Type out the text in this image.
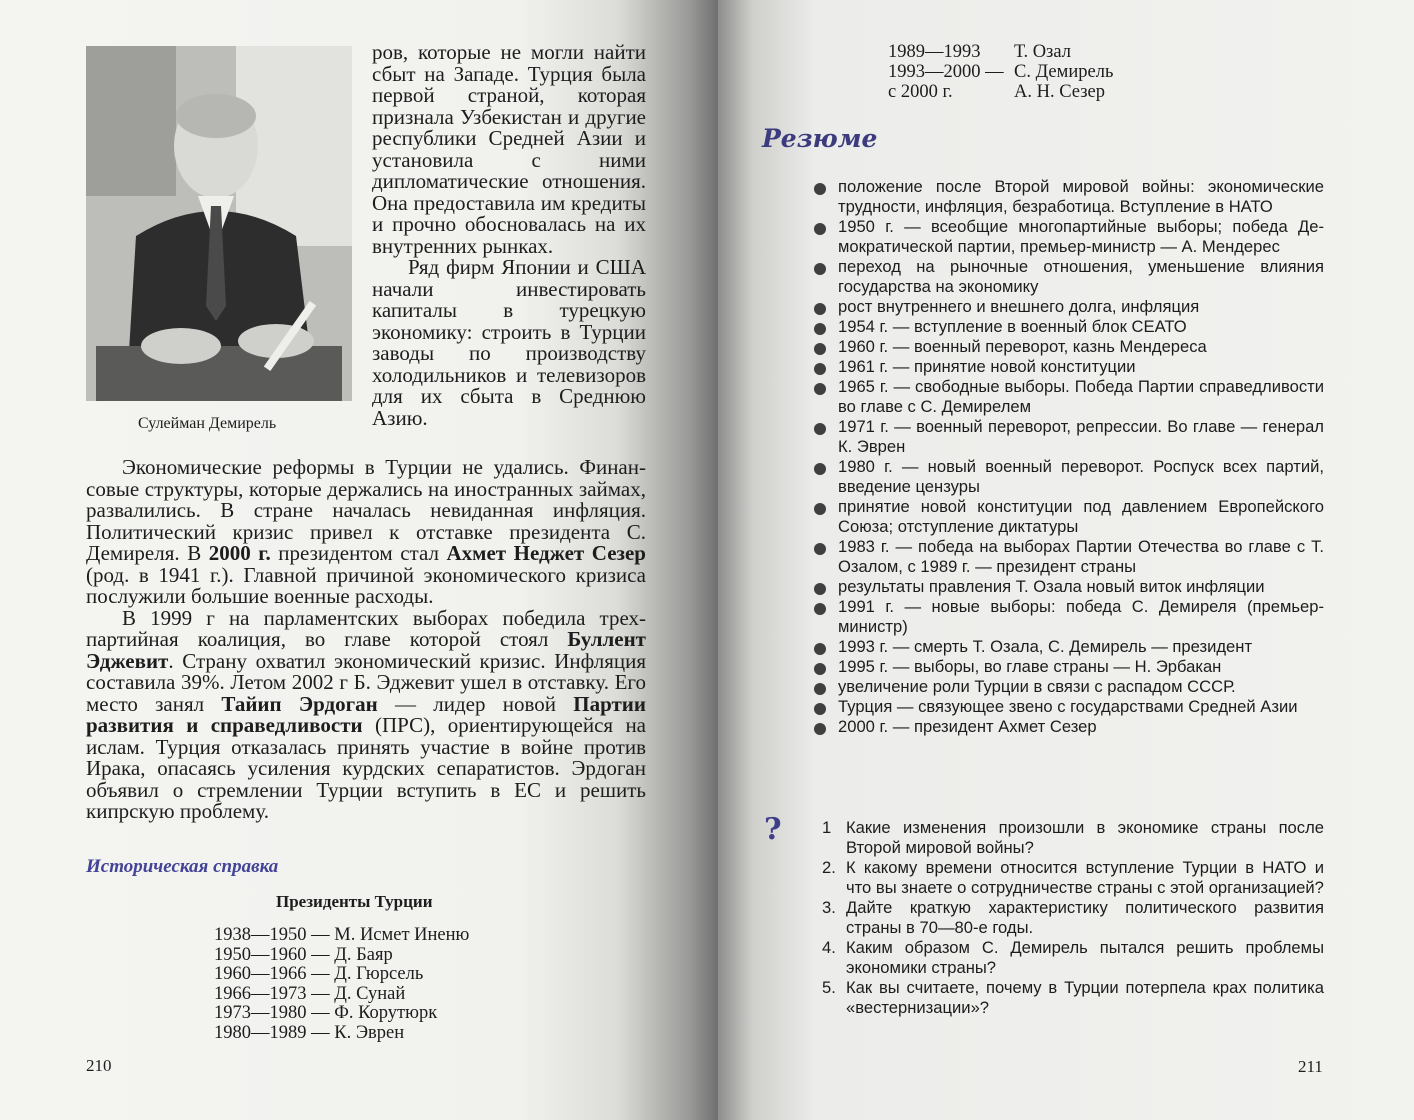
Сулейман Демирель

ров, которые не могли найти сбыт на Западе. Турция была первой страной, которая признала Узбекистан и другие республики Средней Азии и установила с ними дипломатические отношения. Она предоставила им кредиты и прочно обосновалась на их внутренних рынках.

Ряд фирм Японии и США начали инвестировать капиталы в турецкую экономику: строить в Турции заводы по производству холодильников и телевизоров для их сбыта в Среднюю Азию.

Экономические реформы в Турции не удались. Финансовые структуры, которые держались на иностранных займах, развалились. В стране началась невиданная инфляция. Политический кризис привел к отставке президента С. Демиреля. В 2000 г. президентом стал Ахмет Неджет Сезер (род. в 1941 г.). Главной причиной экономического кризиса послужили большие военные расходы.

В 1999 г на парламентских выборах победила трехпартийная коалиция, во главе которой стоял Буллент Эджевит. Страну охватил экономический кризис. Инфляция составила 39%. Летом 2002 г Б. Эджевит ушел в отставку. Его место занял Тайип Эрдоган — лидер новой Партии развития и справедливости (ПРС), ориентирующейся на ислам. Турция отказалась принять участие в войне против Ирака, опасаясь усиления курдских сепаратистов. Эрдоган объявил о стремлении Турции вступить в ЕС и решить кипрскую проблему.

Историческая справка
Президенты Турции
1938—1950 — М. Исмет Иненю
1950—1960 — Д. Баяр
1960—1966 — Д. Гюрсель
1966—1973 — Д. Сунай
1973—1980 — Ф. Корутюрк
1980—1989 — К. Эврен
210
1989—1993	Т. Озал
1993—2000 — С. Демирель
с 2000 г.	А. Н. Сезер
Резюме
положение после Второй мировой войны: экономические трудности, инфляция, безработица. Вступление в НАТО
1950 г. — всеобщие многопартийные выборы; победа Демократической партии, премьер-министр — А. Мендерес
переход на рыночные отношения, уменьшение влияния государства на экономику
рост внутреннего и внешнего долга, инфляция
1954 г. — вступление в военный блок СЕАТО
1960 г. — военный переворот, казнь Мендереса
1961 г. — принятие новой конституции
1965 г. — свободные выборы. Победа Партии справедливости во главе с С. Демирелем
1971 г. — военный переворот, репрессии. Во главе — генерал К. Эврен
1980 г. — новый военный переворот. Роспуск всех партий, введение цензуры
принятие новой конституции под давлением Европейского Союза; отступление диктатуры
1983 г. — победа на выборах Партии Отечества во главе с Т. Озалом, с 1989 г. — президент страны
результаты правления Т. Озала новый виток инфляции
1991 г. — новые выборы: победа С. Демиреля (премьер-министр)
1993 г. — смерть Т. Озала, С. Демирель — президент
1995 г. — выборы, во главе страны — Н. Эрбакан
увеличение роли Турции в связи с распадом СССР.
Турция — связующее звено с государствами Средней Азии
2000 г. — президент Ахмет Сезер
? 1 Какие изменения произошли в экономике страны после Второй мировой войны?
2. К какому времени относится вступление Турции в НАТО и что вы знаете о сотрудничестве страны с этой организацией?
3. Дайте краткую характеристику политического развития страны в 70—80-е годы.
4. Каким образом С. Демирель пытался решить проблемы экономики страны?
5. Как вы считаете, почему в Турции потерпела крах политика «вестернизации»?
211
